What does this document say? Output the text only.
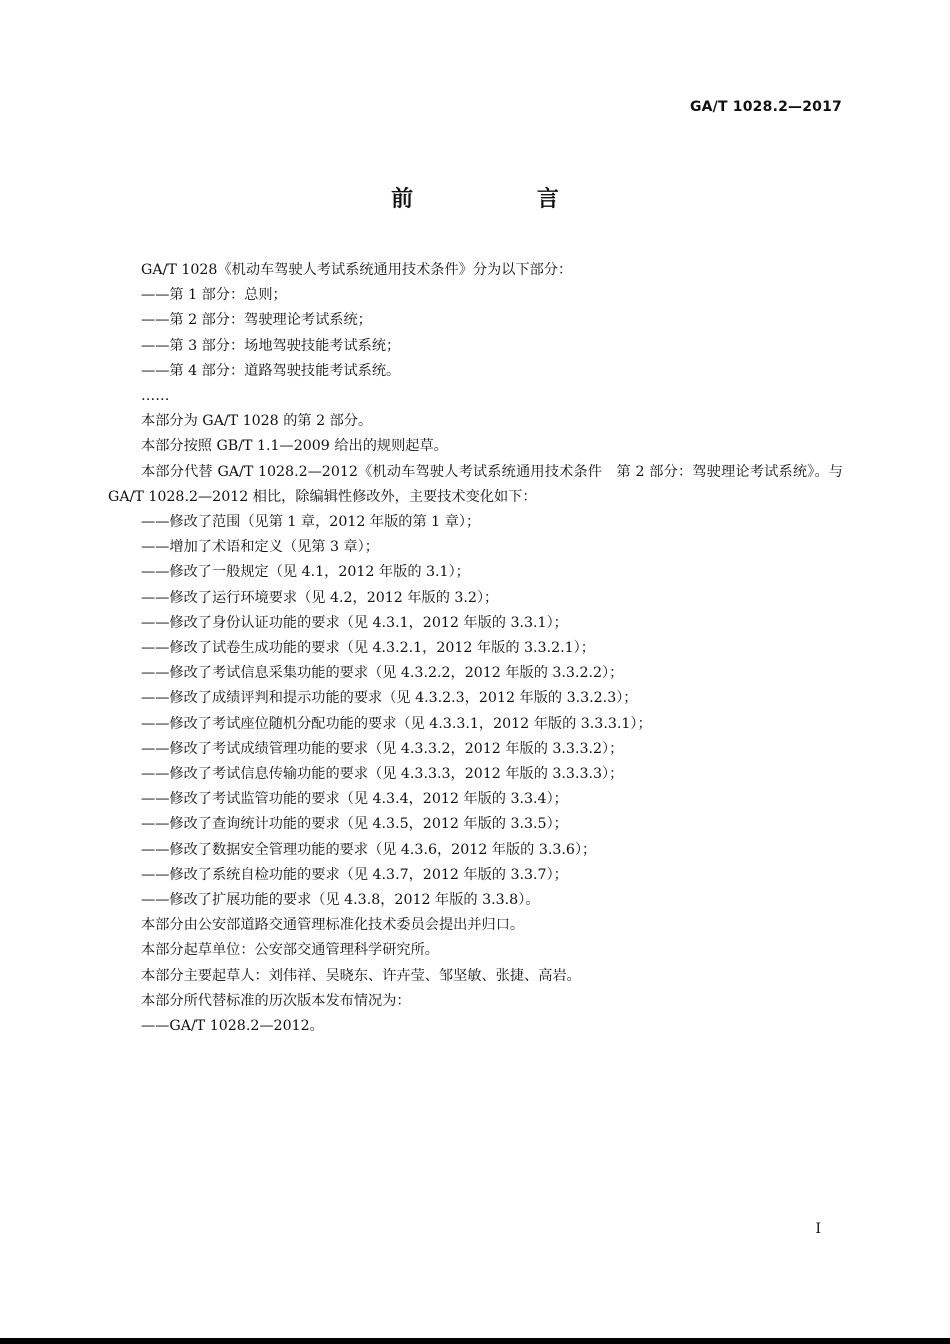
GA/T 1028.2—2017
前 言

GA/T 1028《机动车驾驶人考试系统通用技术条件》分为以下部分：

——第 1 部分：总则；

——第 2 部分：驾驶理论考试系统；

——第 3 部分：场地驾驶技能考试系统；

——第 4 部分：道路驾驶技能考试系统。

……

本部分为 GA/T 1028 的第 2 部分。

本部分按照 GB/T 1.1—2009 给出的规则起草。

本部分代替 GA/T 1028.2—2012《机动车驾驶人考试系统通用技术条件　第 2 部分：驾驶理论考试系统》。与 GA/T 1028.2—2012 相比，除编辑性修改外，主要技术变化如下：

——修改了范围（见第 1 章，2012 年版的第 1 章）；

——增加了术语和定义（见第 3 章）；

——修改了一般规定（见 4.1，2012 年版的 3.1）；

——修改了运行环境要求（见 4.2，2012 年版的 3.2）；

——修改了身份认证功能的要求（见 4.3.1，2012 年版的 3.3.1）；

——修改了试卷生成功能的要求（见 4.3.2.1，2012 年版的 3.3.2.1）；

——修改了考试信息采集功能的要求（见 4.3.2.2，2012 年版的 3.3.2.2）；

——修改了成绩评判和提示功能的要求（见 4.3.2.3，2012 年版的 3.3.2.3）；

——修改了考试座位随机分配功能的要求（见 4.3.3.1，2012 年版的 3.3.3.1）；

——修改了考试成绩管理功能的要求（见 4.3.3.2，2012 年版的 3.3.3.2）；

——修改了考试信息传输功能的要求（见 4.3.3.3，2012 年版的 3.3.3.3）；

——修改了考试监管功能的要求（见 4.3.4，2012 年版的 3.3.4）；

——修改了查询统计功能的要求（见 4.3.5，2012 年版的 3.3.5）；

——修改了数据安全管理功能的要求（见 4.3.6，2012 年版的 3.3.6）；

——修改了系统自检功能的要求（见 4.3.7，2012 年版的 3.3.7）；

——修改了扩展功能的要求（见 4.3.8，2012 年版的 3.3.8）。

本部分由公安部道路交通管理标准化技术委员会提出并归口。

本部分起草单位：公安部交通管理科学研究所。

本部分主要起草人：刘伟祥、吴晓东、许卉莹、邹坚敏、张捷、高岩。

本部分所代替标准的历次版本发布情况为：

——GA/T 1028.2—2012。

I
